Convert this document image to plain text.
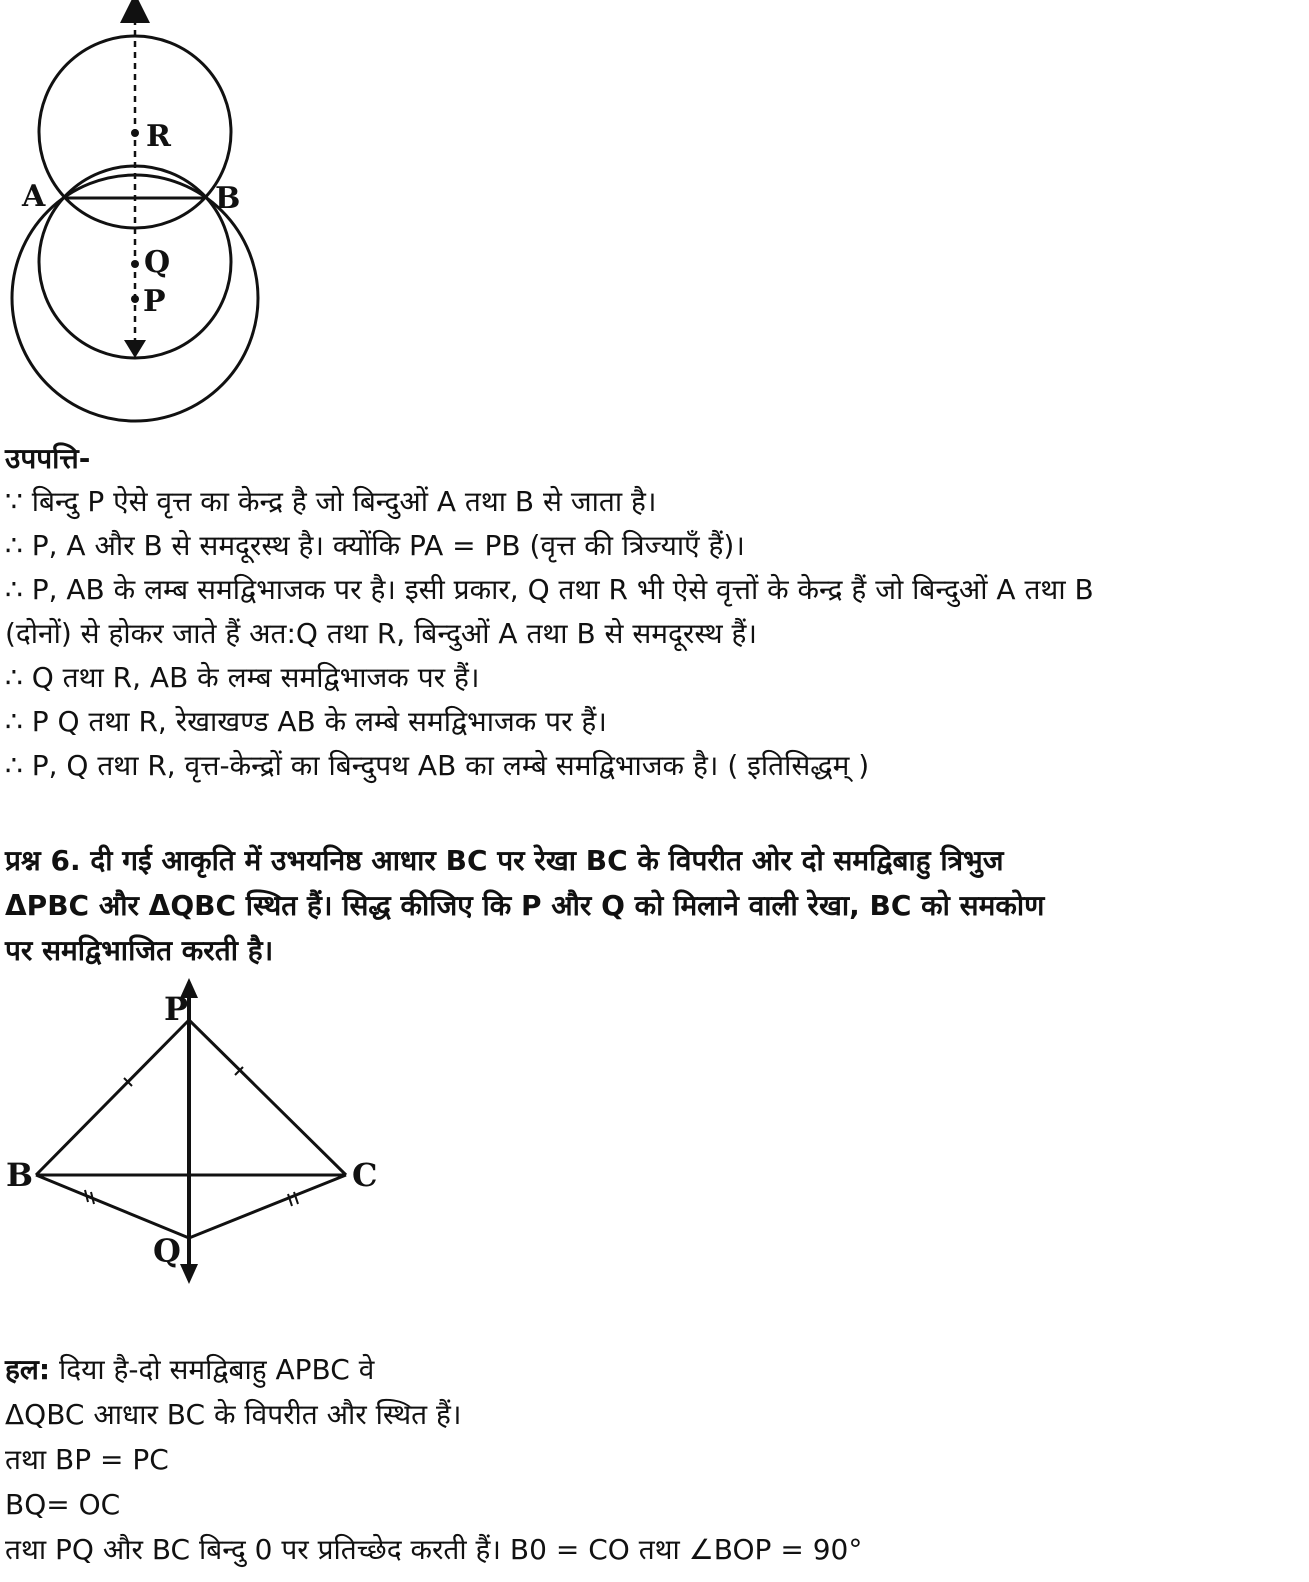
A	B
R
Q
P
उपपत्ति-
∵ बिन्दु P ऐसे वृत्त का केन्द्र है जो बिन्दुओं A तथा B से जाता है।
∴ P, A और B से समदूरस्थ है। क्योंकि PA = PB (वृत्त की त्रिज्याएँ हैं)।
∴ P, AB के लम्ब समद्विभाजक पर है। इसी प्रकार, Q तथा R भी ऐसे वृत्तों के केन्द्र हैं जो बिन्दुओं A तथा B
(दोनों) से होकर जाते हैं अत:Q तथा R, बिन्दुओं A तथा B से समदूरस्थ हैं।
∴ Q तथा R, AB के लम्ब समद्विभाजक पर हैं।
∴ P Q तथा R, रेखाखण्ड AB के लम्बे समद्विभाजक पर हैं।
∴ P, Q तथा R, वृत्त-केन्द्रों का बिन्दुपथ AB का लम्बे समद्विभाजक है। ( इतिसिद्धम् )
प्रश्न 6. दी गई आकृति में उभयनिष्ठ आधार BC पर रेखा BC के विपरीत ओर दो समद्विबाहु त्रिभुज
ΔPBC और ΔQBC स्थित हैं। सिद्ध कीजिए कि P और Q को मिलाने वाली रेखा, BC को समकोण
पर समद्विभाजित करती है।
P
B	C
Q
हल: दिया है-दो समद्विबाहु APBC वे
ΔQBC आधार BC के विपरीत और स्थित हैं।
तथा BP = PC
BQ= OC
तथा PQ और BC बिन्दु 0 पर प्रतिच्छेद करती हैं। B0 = CO तथा ∠BOP = 90°
